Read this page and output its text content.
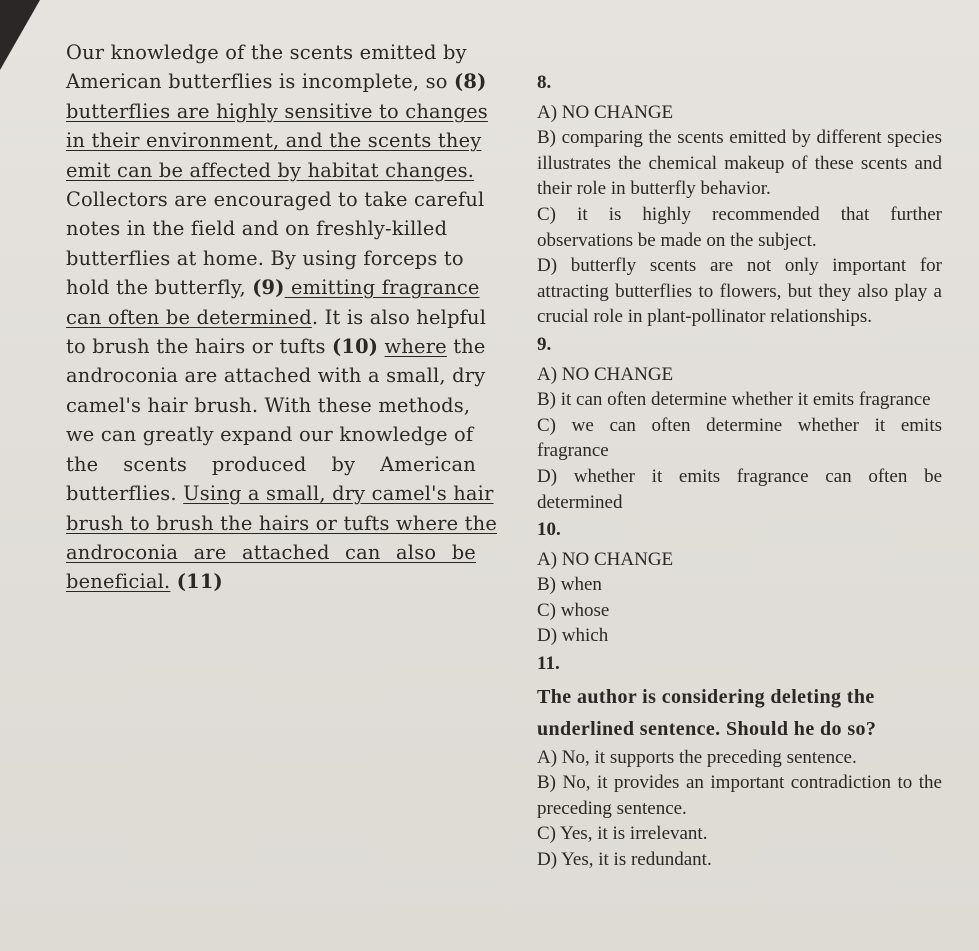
Our knowledge of the scents emitted by
American butterflies is incomplete, so (8)
butterflies are highly sensitive to changes
in their environment, and the scents they
emit can be affected by habitat changes.
Collectors are encouraged to take careful
notes in the field and on freshly-killed
butterflies at home. By using forceps to
hold the butterfly, (9) emitting fragrance
can often be determined. It is also helpful
to brush the hairs or tufts (10) where the
androconia are attached with a small, dry
camel's hair brush. With these methods,
we can greatly expand our knowledge of
the scents produced by American
butterflies. Using a small, dry camel's hair
brush to brush the hairs or tufts where the
androconia are attached can also be
beneficial. (11)
8.
A) NO CHANGE
B) comparing the scents emitted by different species illustrates the chemical makeup of these scents and their role in butterfly behavior.
C) it is highly recommended that further observations be made on the subject.
D) butterfly scents are not only important for attracting butterflies to flowers, but they also play a crucial role in plant-pollinator relationships.
9.
A) NO CHANGE
B) it can often determine whether it emits fragrance
C) we can often determine whether it emits fragrance
D) whether it emits fragrance can often be determined
10.
A) NO CHANGE
B) when
C) whose
D) which
11.
The author is considering deleting the underlined sentence. Should he do so?
A) No, it supports the preceding sentence.
B) No, it provides an important contradiction to the preceding sentence.
C) Yes, it is irrelevant.
D) Yes, it is redundant.
